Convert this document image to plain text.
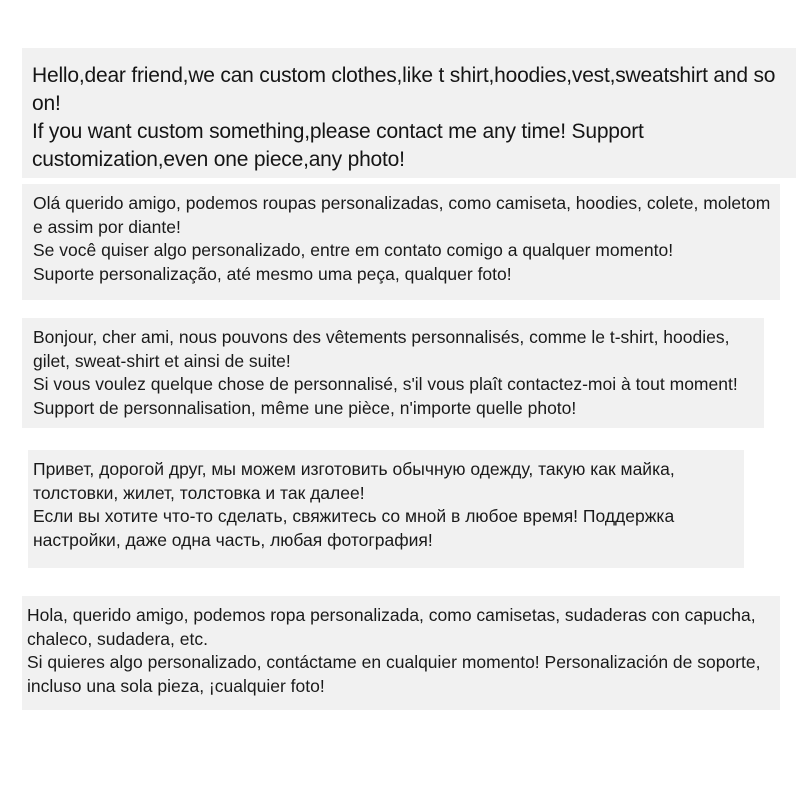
Hello,dear friend,we can custom clothes,like t shirt,hoodies,vest,sweatshirt and so on!

If you want custom something,please contact me any time! Support customization,even one piece,any photo!

Olá querido amigo, podemos roupas personalizadas, como camiseta, hoodies, colete, moletom e assim por diante!

Se você quiser algo personalizado, entre em contato comigo a qualquer momento!

Suporte personalização, até mesmo uma peça, qualquer foto!

Bonjour, cher ami, nous pouvons des vêtements personnalisés, comme le t-shirt, hoodies, gilet, sweat-shirt et ainsi de suite!

Si vous voulez quelque chose de personnalisé, s'il vous plaît contactez-moi à tout moment! Support de personnalisation, même une pièce, n'importe quelle photo!

Привет, дорогой друг, мы можем изготовить обычную одежду, такую как майка, толстовки, жилет, толстовка и так далее!

Если вы хотите что-то сделать, свяжитесь со мной в любое время! Поддержка настройки, даже одна часть, любая фотография!

Hola, querido amigo, podemos ropa personalizada, como camisetas, sudaderas con capucha, chaleco, sudadera, etc.

Si quieres algo personalizado, contáctame en cualquier momento! Personalización de soporte, incluso una sola pieza, ¡cualquier foto!
